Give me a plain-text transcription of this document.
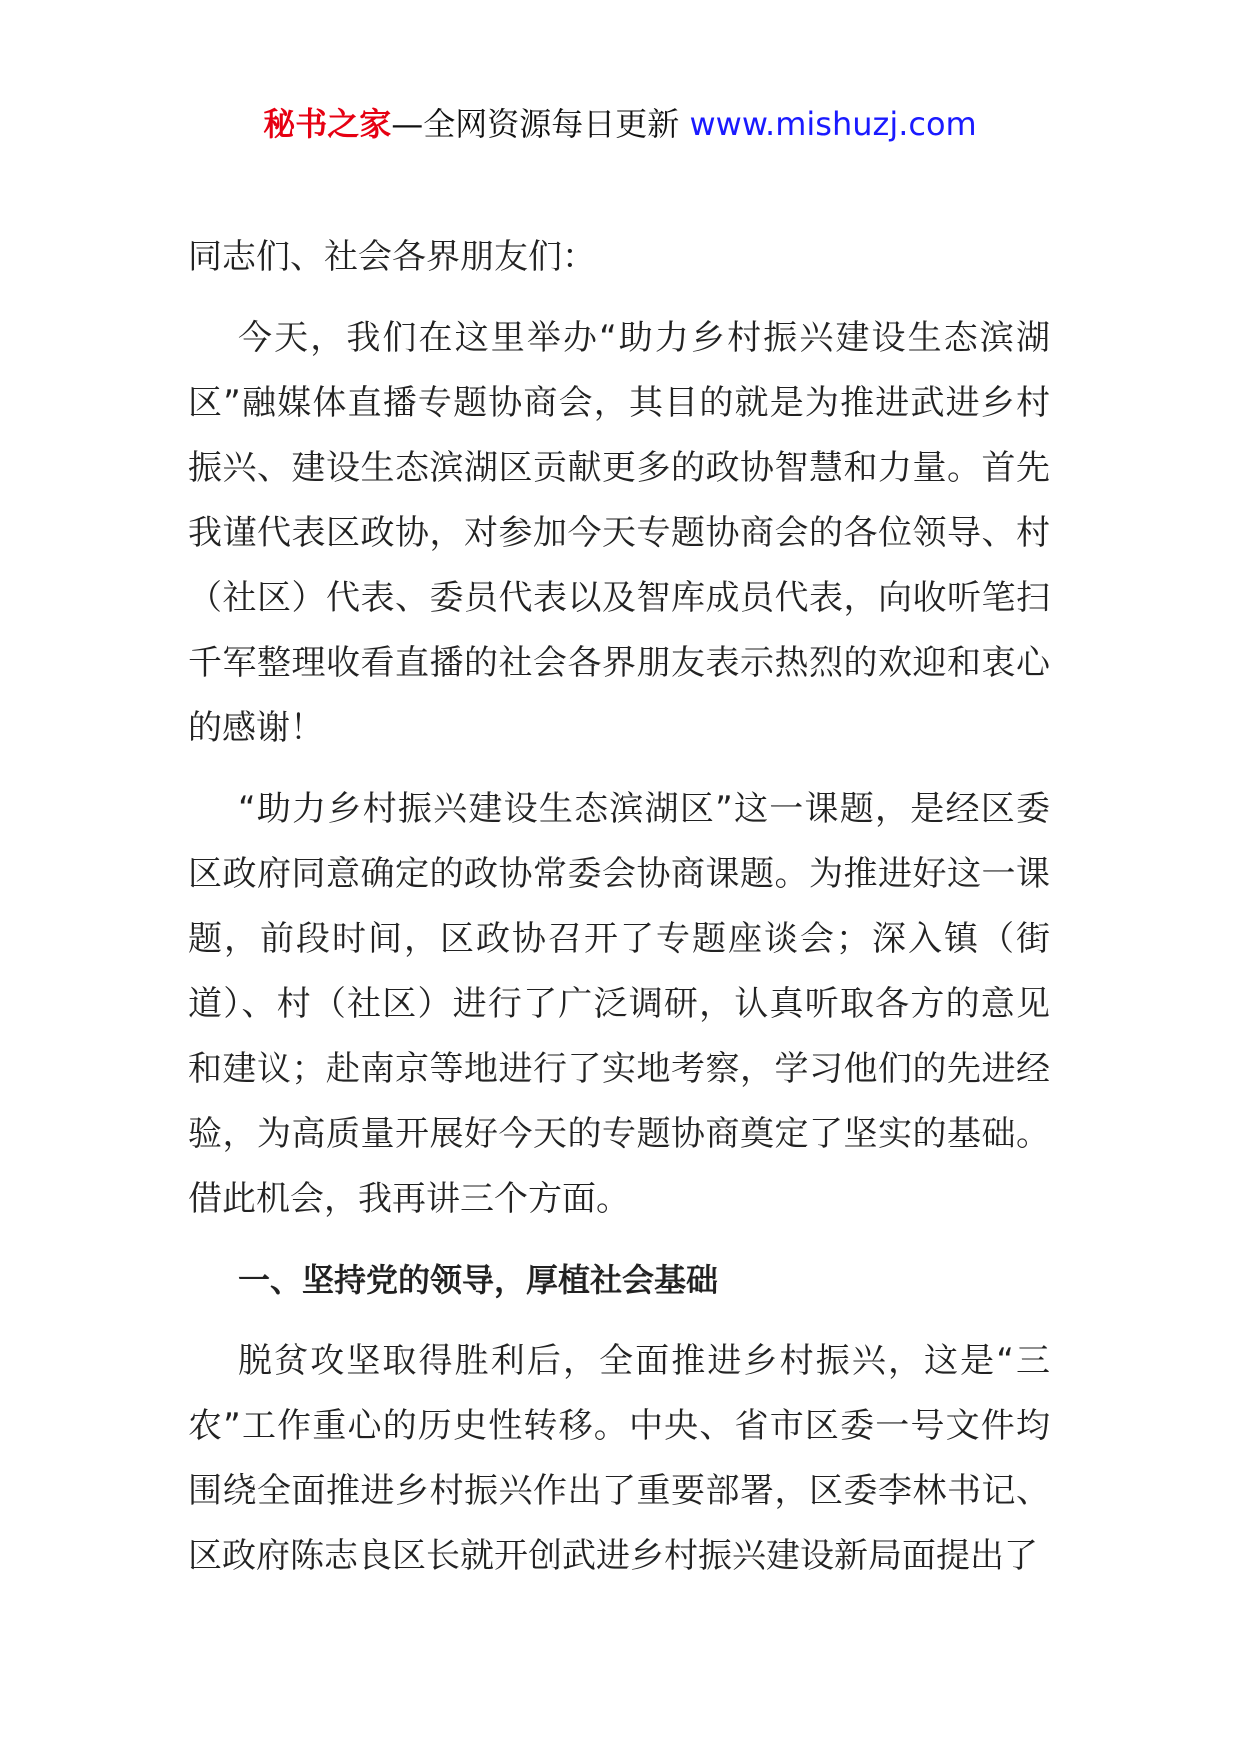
秘书之家—全网资源每日更新 www.mishuzj.com

同志们、社会各界朋友们：

今天，我们在这里举办“助力乡村振兴建设生态滨湖区”融媒体直播专题协商会，其目的就是为推进武进乡村振兴、建设生态滨湖区贡献更多的政协智慧和力量。首先我谨代表区政协，对参加今天专题协商会的各位领导、村（社区）代表、委员代表以及智库成员代表，向收听笔扫千军整理收看直播的社会各界朋友表示热烈的欢迎和衷心的感谢！

“助力乡村振兴建设生态滨湖区”这一课题，是经区委区政府同意确定的政协常委会协商课题。为推进好这一课题，前段时间，区政协召开了专题座谈会；深入镇（街道）、村（社区）进行了广泛调研，认真听取各方的意见和建议；赴南京等地进行了实地考察，学习他们的先进经验，为高质量开展好今天的专题协商奠定了坚实的基础。借此机会，我再讲三个方面。

一、坚持党的领导，厚植社会基础

脱贫攻坚取得胜利后，全面推进乡村振兴，这是“三农”工作重心的历史性转移。中央、省市区委一号文件均围绕全面推进乡村振兴作出了重要部署，区委李林书记、区政府陈志良区长就开创武进乡村振兴建设新局面提出了
